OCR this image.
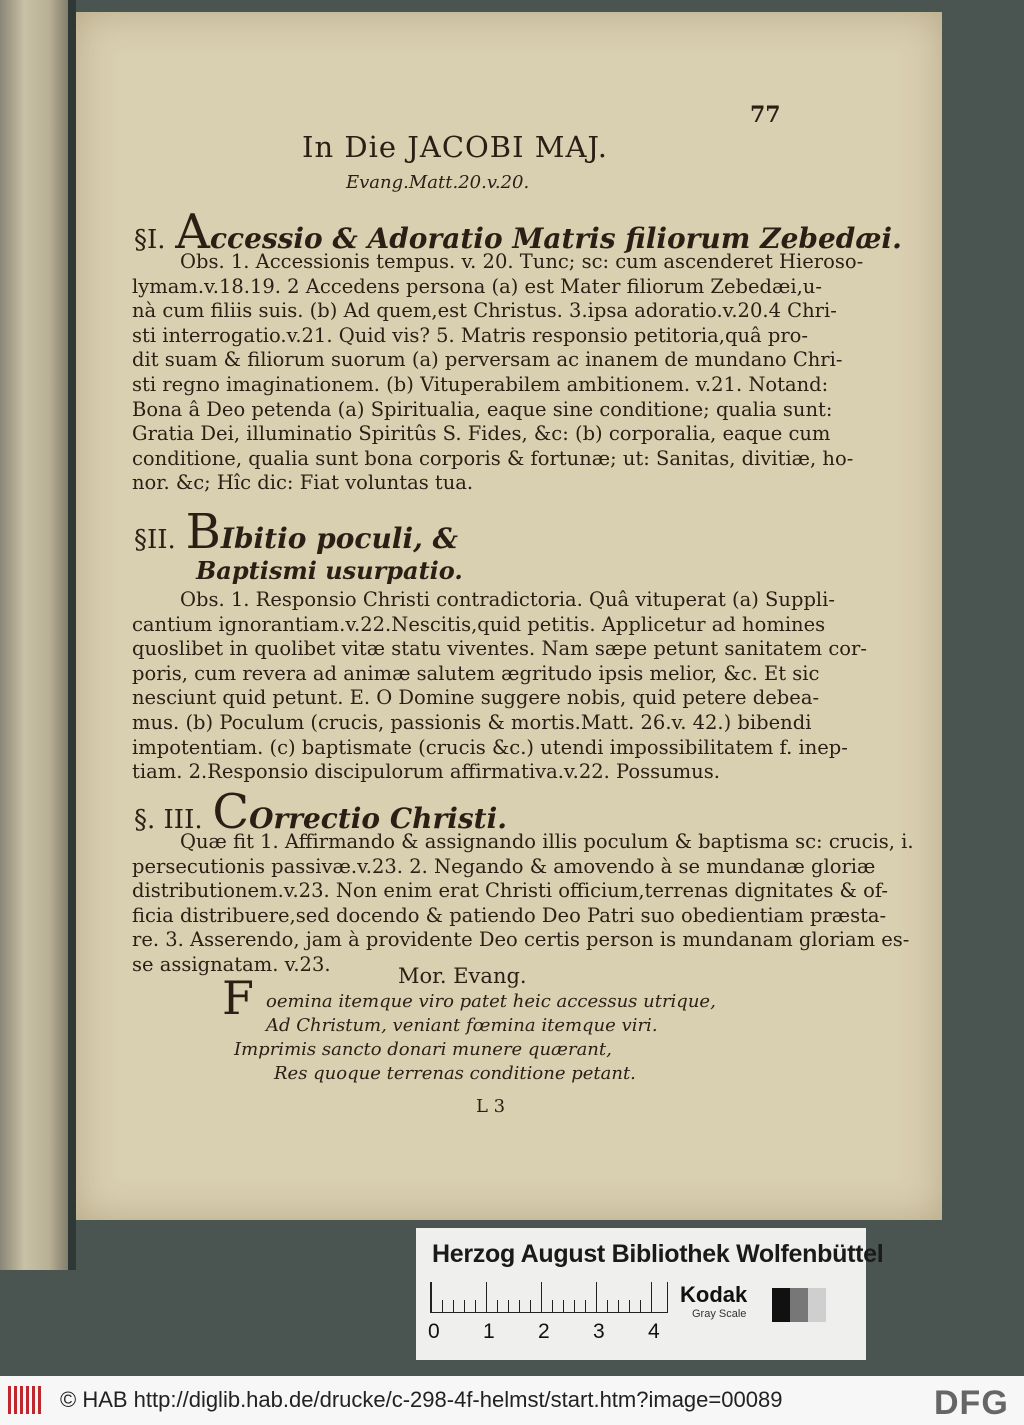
77
In Die JACOBI MAJ.
Evang.Matt.20.v.20.
§I. Accessio & Adoratio Matris filiorum Zebedæi.
Obs. 1. Accessionis tempus. v. 20. Tunc; sc: cum ascenderet Hieroso-
lymam.v.18.19. 2 Accedens persona (a) est Mater filiorum Zebedæi,u-
nà cum filiis suis. (b) Ad quem,est Christus. 3.ipsa adoratio.v.20.4 Chri-
sti interrogatio.v.21. Quid vis? 5. Matris responsio petitoria,quâ pro-
dit suam & filiorum suorum (a) perversam ac inanem de mundano Chri-
sti regno imaginationem. (b) Vituperabilem ambitionem. v.21. Notand:
Bona â Deo petenda (a) Spiritualia, eaque sine conditione; qualia sunt:
Gratia Dei, illuminatio Spiritûs S. Fides, &c: (b) corporalia, eaque cum
conditione, qualia sunt bona corporis & fortunæ; ut: Sanitas, divitiæ, ho-
nor. &c; Hîc dic: Fiat voluntas tua.
§II. BIbitio poculi, &
Baptismi usurpatio.
Obs. 1. Responsio Christi contradictoria. Quâ vituperat (a) Suppli-
cantium ignorantiam.v.22.Nescitis,quid petitis. Applicetur ad homines
quoslibet in quolibet vitæ statu viventes. Nam sæpe petunt sanitatem cor-
poris, cum revera ad animæ salutem ægritudo ipsis melior, &c. Et sic
nesciunt quid petunt. E. O Domine suggere nobis, quid petere debea-
mus. (b) Poculum (crucis, passionis & mortis.Matt. 26.v. 42.) bibendi
impotentiam. (c) baptismate (crucis &c.) utendi impossibilitatem f. inep-
tiam. 2.Responsio discipulorum affirmativa.v.22. Possumus.
§. III. COrrectio Christi.
Quæ fit 1. Affirmando & assignando illis poculum & baptisma sc: crucis, i.
persecutionis passivæ.v.23. 2. Negando & amovendo à se mundanæ gloriæ
distributionem.v.23. Non enim erat Christi officium,terrenas dignitates & of-
ficia distribuere,sed docendo & patiendo Deo Patri suo obedientiam præsta-
re. 3. Asserendo, jam à providente Deo certis person is mundanam gloriam es-
se assignatam. v.23.	Mor. Evang.
F oemina itemque viro patet heic accessus utrique,
Ad Christum, veniant fœmina itemque viri.
Imprimis sancto donari munere quærant,
Res quoque terrenas conditione petant.
L 3
Herzog August Bibliothek Wolfenbüttel
0 1 2 3 4
Kodak
Gray Scale
© HAB http://diglib.hab.de/drucke/c-298-4f-helmst/start.htm?image=00089	DFG
